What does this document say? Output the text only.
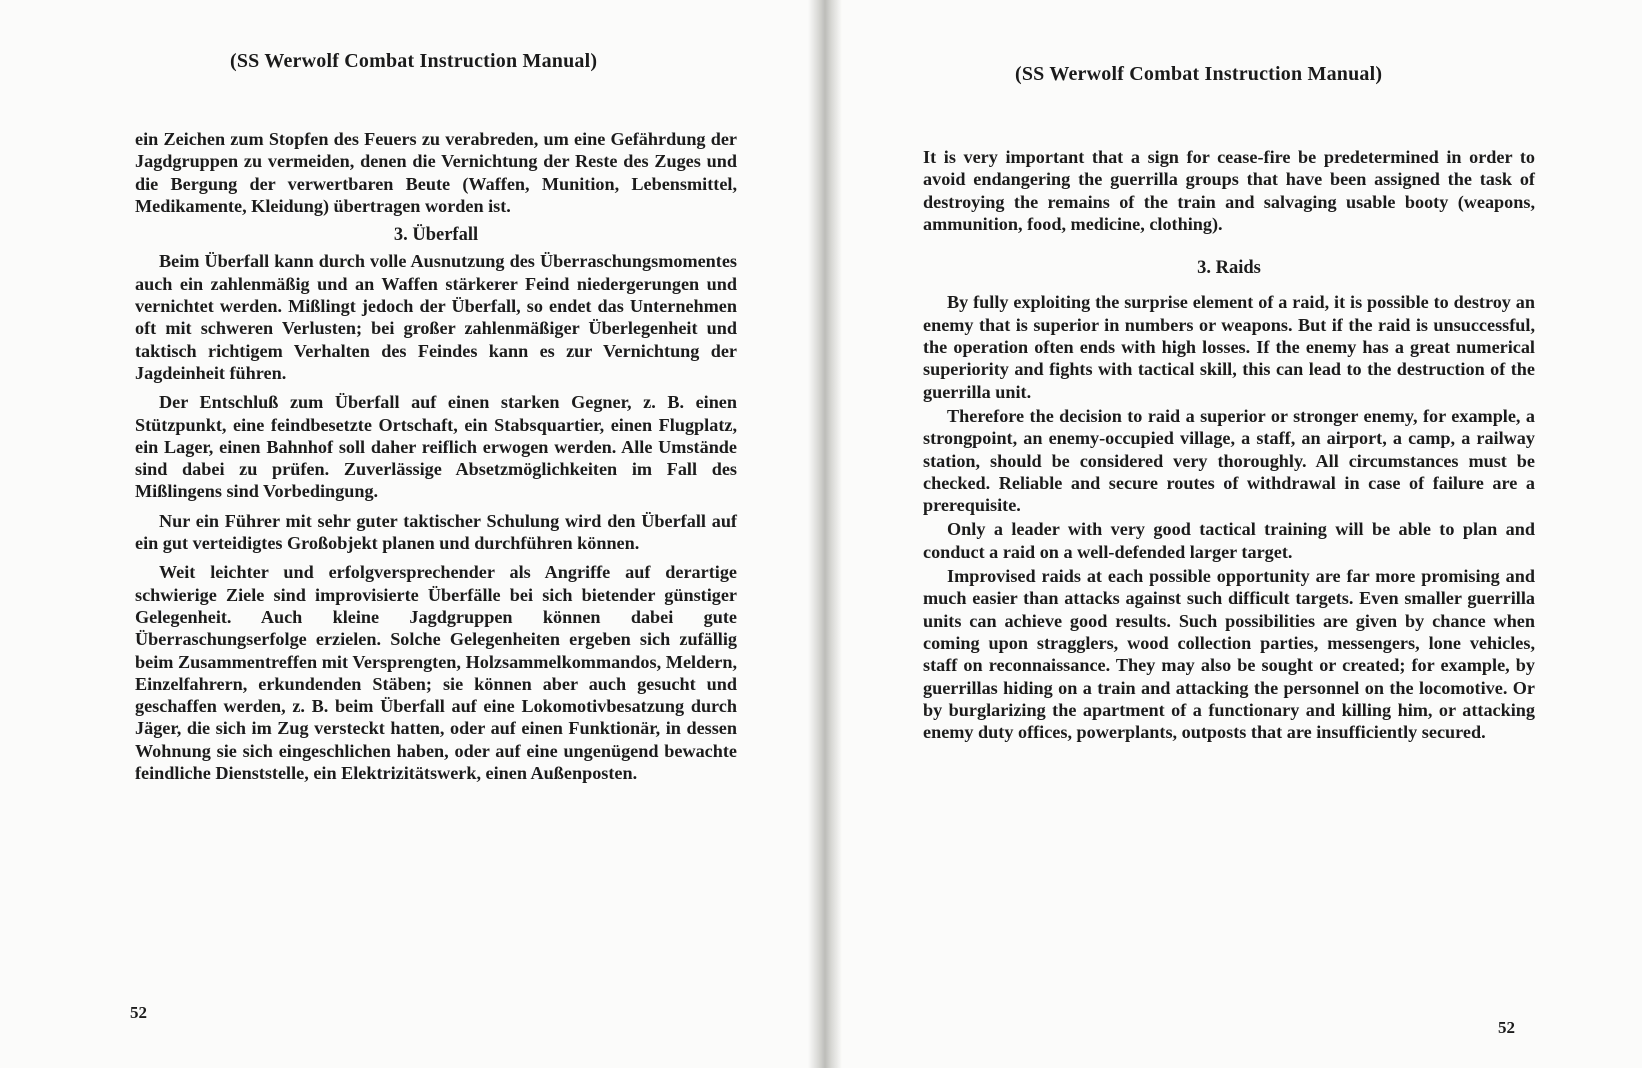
(SS Werwolf Combat Instruction Manual)

ein Zeichen zum Stopfen des Feuers zu verabreden, um eine Gefährdung der Jagdgruppen zu vermeiden, denen die Vernichtung der Reste des Zuges und die Bergung der verwertbaren Beute (Waffen, Munition, Lebensmittel, Medikamente, Kleidung) übertragen worden ist.

3. Überfall

Beim Überfall kann durch volle Ausnutzung des Überraschungsmomentes auch ein zahlenmäßig und an Waffen stärkerer Feind niedergerungen und vernichtet werden. Mißlingt jedoch der Überfall, so endet das Unternehmen oft mit schweren Verlusten; bei großer zahlenmäßiger Überlegenheit und taktisch richtigem Verhalten des Feindes kann es zur Vernichtung der Jagdeinheit führen.

Der Entschluß zum Überfall auf einen starken Gegner, z. B. einen Stützpunkt, eine feindbesetzte Ortschaft, ein Stabsquartier, einen Flugplatz, ein Lager, einen Bahnhof soll daher reiflich erwogen werden. Alle Umstände sind dabei zu prüfen. Zuverlässige Absetzmöglichkeiten im Fall des Mißlingens sind Vorbedingung.

Nur ein Führer mit sehr guter taktischer Schulung wird den Überfall auf ein gut verteidigtes Großobjekt planen und durchführen können.

Weit leichter und erfolgversprechender als Angriffe auf derartige schwierige Ziele sind improvisierte Überfälle bei sich bietender günstiger Gelegenheit. Auch kleine Jagdgruppen können dabei gute Überraschungserfolge erzielen. Solche Gelegenheiten ergeben sich zufällig beim Zusammentreffen mit Versprengten, Holzsammelkommandos, Meldern, Einzelfahrern, erkundenden Stäben; sie können aber auch gesucht und geschaffen werden, z. B. beim Überfall auf eine Lokomotivbesatzung durch Jäger, die sich im Zug versteckt hatten, oder auf einen Funktionär, in dessen Wohnung sie sich eingeschlichen haben, oder auf eine ungenügend bewachte feindliche Dienststelle, ein Elektrizitätswerk, einen Außenposten.

52
(SS Werwolf Combat Instruction Manual)

It is very important that a sign for cease-fire be predetermined in order to avoid endangering the guerrilla groups that have been assigned the task of destroying the remains of the train and salvaging usable booty (weapons, ammunition, food, medicine, clothing).

3. Raids

By fully exploiting the surprise element of a raid, it is possible to destroy an enemy that is superior in numbers or weapons. But if the raid is unsuccessful, the operation often ends with high losses. If the enemy has a great numerical superiority and fights with tactical skill, this can lead to the destruction of the guerrilla unit.

Therefore the decision to raid a superior or stronger enemy, for example, a strongpoint, an enemy-occupied village, a staff, an airport, a camp, a railway station, should be considered very thoroughly. All circumstances must be checked. Reliable and secure routes of withdrawal in case of failure are a prerequisite.

Only a leader with very good tactical training will be able to plan and conduct a raid on a well-defended larger target.

Improvised raids at each possible opportunity are far more promising and much easier than attacks against such difficult targets. Even smaller guerrilla units can achieve good results. Such possibilities are given by chance when coming upon stragglers, wood collection parties, messengers, lone vehicles, staff on reconnaissance. They may also be sought or created; for example, by guerrillas hiding on a train and attacking the personnel on the locomotive. Or by burglarizing the apartment of a functionary and killing him, or attacking enemy duty offices, powerplants, outposts that are insufficiently secured.

52
